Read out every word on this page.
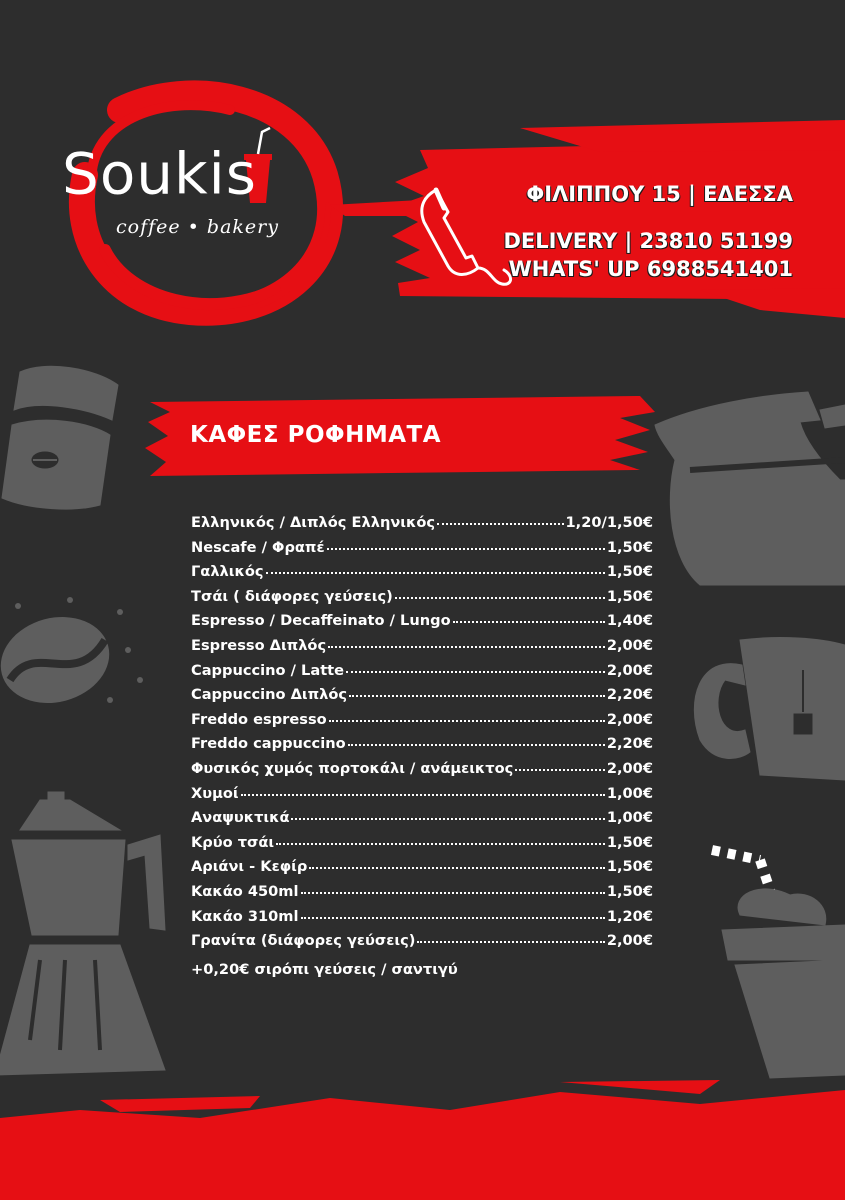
Soukis
coffee • bakery
ΦΙΛΙΠΠΟΥ 15 | ΕΔΕΣΣΑ
DELIVERY | 23810 51199
WHATS' UP 6988541401
ΚΑΦΕΣ ΡΟΦΗΜΑΤΑ
Ελληνικός / Διπλός Ελληνικός	1,20/1,50€
Nescafe / Φραπέ	1,50€
Γαλλικός	1,50€
Τσάι ( διάφορες γεύσεις)	1,50€
Espresso / Decaffeinato / Lungo	1,40€
Espresso Διπλός	2,00€
Cappuccino / Latte	2,00€
Cappuccino Διπλός	2,20€
Freddo espresso	2,00€
Freddo cappuccino	2,20€
Φυσικός χυμός πορτοκάλι / ανάμεικτος	2,00€
Χυμοί	1,00€
Αναψυκτικά	1,00€
Κρύο τσάι	1,50€
Αριάνι - Κεφίρ	1,50€
Κακάο 450ml	1,50€
Κακάο 310ml	1,20€
Γρανίτα (διάφορες γεύσεις)	2,00€
+0,20€ σιρόπι γεύσεις / σαντιγύ
